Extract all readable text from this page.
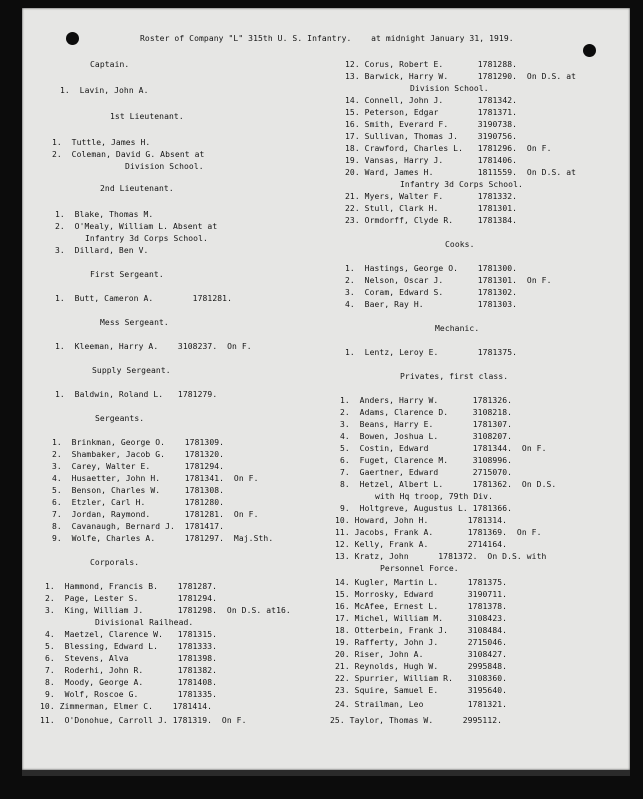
Roster of Company "L" 315th U. S. Infantry.    at midnight January 31, 1919.
Captain.
1.  Lavin, John A.
1st Lieutenant.
1.  Tuttle, James H.
2.  Coleman, David G. Absent at
Division School.
2nd Lieutenant.
1.  Blake, Thomas M.
2.  O'Mealy, William L. Absent at
Infantry 3d Corps School.
3.  Dillard, Ben V.
First Sergeant.
1.  Butt, Cameron A.        1781281.
Mess Sergeant.
1.  Kleeman, Harry A.    3108237.  On F.
Supply Sergeant.
1.  Baldwin, Roland L.   1781279.
Sergeants.
1.  Brinkman, George O.    1781309.
2.  Shambaker, Jacob G.    1781320.
3.  Carey, Walter E.       1781294.
4.  Husaetter, John H.     1781341.  On F.
5.  Benson, Charles W.     1781308.
6.  Etzler, Carl H.        1781280.
7.  Jordan, Raymond.       1781281.  On F.
8.  Cavanaugh, Bernard J.  1781417.
9.  Wolfe, Charles A.      1781297.  Maj.Sth.
Corporals.
1.  Hammond, Francis B.    1781287.
2.  Page, Lester S.        1781294.
3.  King, William J.       1781298.  On D.S. at16.
Divisional Railhead.
4.  Maetzel, Clarence W.   1781315.
5.  Blessing, Edward L.    1781333.
6.  Stevens, Alva          1781398.
7.  Roderhi, John R.       1781382.
8.  Moody, George A.       1781408.
9.  Wolf, Roscoe G.        1781335.
10. Zimmerman, Elmer C.    1781414.
11.  O'Donohue, Carroll J. 1781319.  On F.
12. Corus, Robert E.       1781288.
13. Barwick, Harry W.      1781290.  On D.S. at
Division School.
14. Connell, John J.       1781342.
15. Peterson, Edgar        1781371.
16. Smith, Everard F.      3190738.
17. Sullivan, Thomas J.    3190756.
18. Crawford, Charles L.   1781296.  On F.
19. Vansas, Harry J.       1781406.
20. Ward, James H.         1811559.  On D.S. at
Infantry 3d Corps School.
21. Myers, Walter F.       1781332.
22. Stull, Clark H.        1781301.
23. Ormdorff, Clyde R.     1781384.
Cooks.
1.  Hastings, George O.    1781300.
2.  Nelson, Oscar J.       1781301.  On F.
3.  Coram, Edward S.       1781302.
4.  Baer, Ray H.           1781303.
Mechanic.
1.  Lentz, Leroy E.        1781375.
Privates, first class.
1.  Anders, Harry W.       1781326.
2.  Adams, Clarence D.     3108218.
3.  Beans, Harry E.        1781307.
4.  Bowen, Joshua L.       3108207.
5.  Costin, Edward         1781344.  On F.
6.  Fuget, Clarence M.     3108996.
7.  Gaertner, Edward       2715070.
8.  Hetzel, Albert L.      1781362.  On D.S.
with Hq troop, 79th Div.
9.  Holtgreve, Augustus L. 1781366.
10. Howard, John H.        1781314.
11. Jacobs, Frank A.       1781369.  On F.
12. Kelly, Frank A.        2714164.
13. Kratz, John      1781372.  On D.S. with
Personnel Force.
14. Kugler, Martin L.      1781375.
15. Morrosky, Edward       3190711.
16. McAfee, Ernest L.      1781378.
17. Michel, William M.     3108423.
18. Otterbein, Frank J.    3108484.
19. Rafferty, John J.      2715046.
20. Riser, John A.         3108427.
21. Reynolds, Hugh W.      2995848.
22. Spurrier, William R.   3108360.
23. Squire, Samuel E.      3195640.
24. Strailman, Leo         1781321.
25. Taylor, Thomas W.      2995112.
